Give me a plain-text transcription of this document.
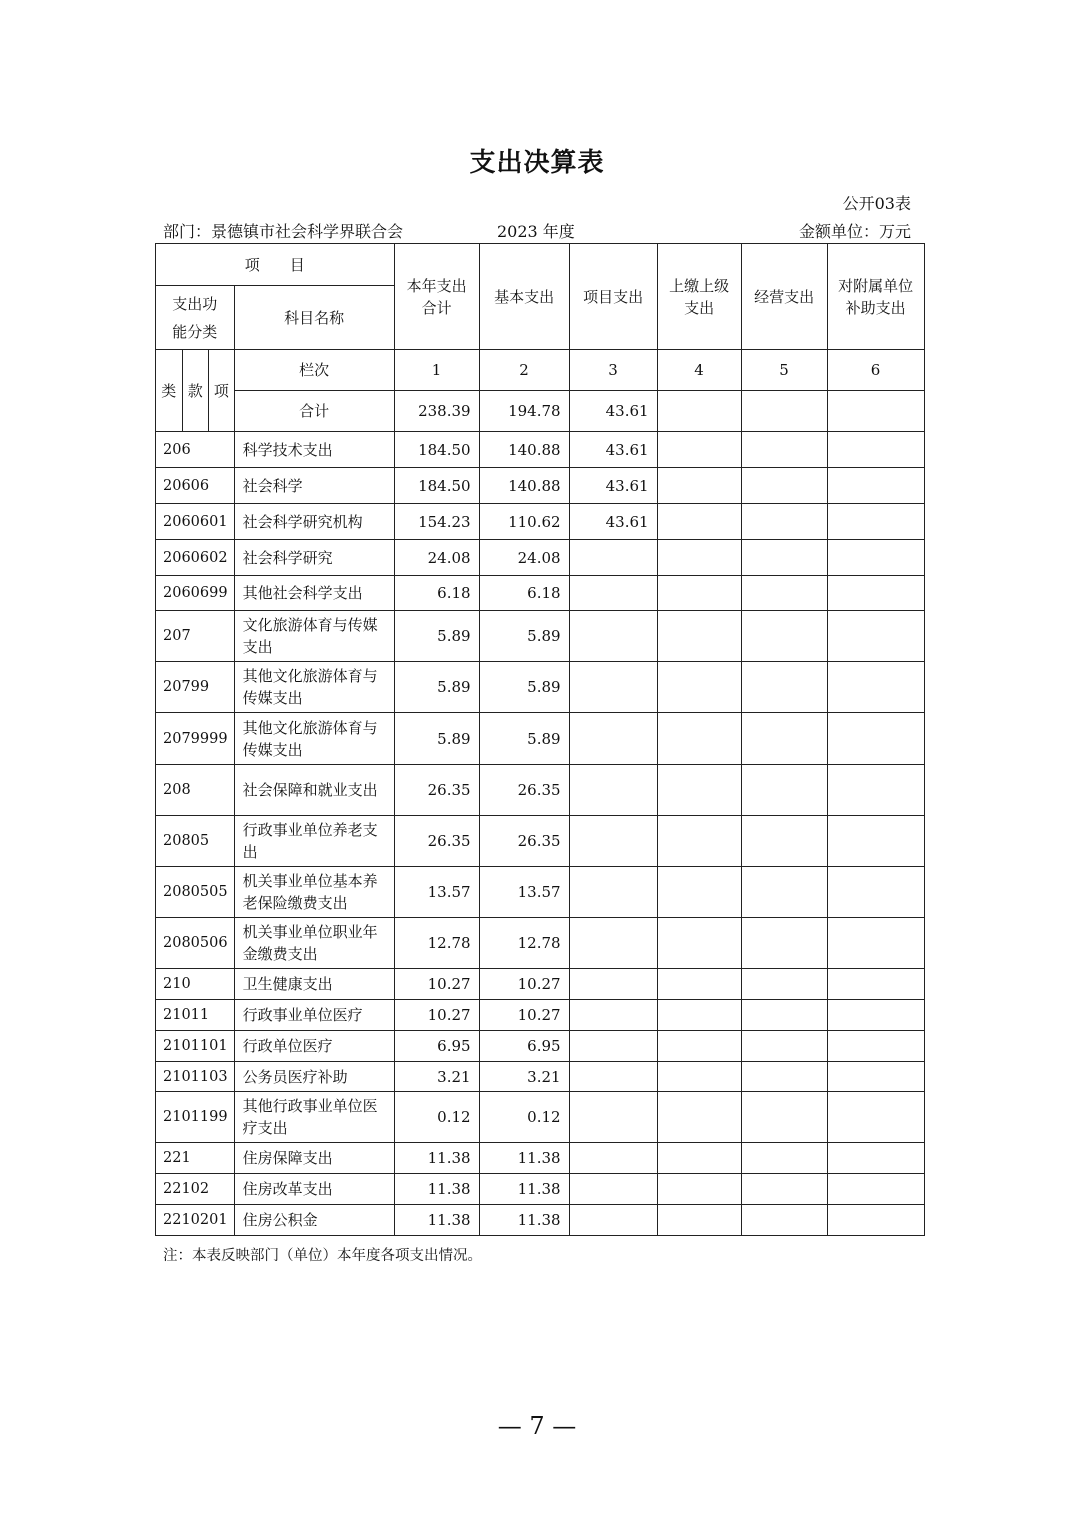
支出决算表
公开03表
部门：景德镇市社会科学界联合会	2023 年度	金额单位：万元
项　　目				本年支出合计	基本支出	项目支出	上缴上级支出	经营支出	对附属单位补助支出
支出功能分类			科目名称						
类	款	项	栏次	1	2	3	4	5	6
			合计	238.39	194.78	43.61			
206			科学技术支出	184.50	140.88	43.61			
20606			社会科学	184.50	140.88	43.61			
2060601			社会科学研究机构	154.23	110.62	43.61			
2060602			社会科学研究	24.08	24.08				
2060699			其他社会科学支出	6.18	6.18				
207			文化旅游体育与传媒支出	5.89	5.89				
20799			其他文化旅游体育与传媒支出	5.89	5.89				
2079999			其他文化旅游体育与传媒支出	5.89	5.89				
208			社会保障和就业支出	26.35	26.35				
20805			行政事业单位养老支出	26.35	26.35				
2080505			机关事业单位基本养老保险缴费支出	13.57	13.57				
2080506			机关事业单位职业年金缴费支出	12.78	12.78				
210			卫生健康支出	10.27	10.27				
21011			行政事业单位医疗	10.27	10.27				
2101101			行政单位医疗	6.95	6.95				
2101103			公务员医疗补助	3.21	3.21				
2101199			其他行政事业单位医疗支出	0.12	0.12				
221			住房保障支出	11.38	11.38				
22102			住房改革支出	11.38	11.38				
2210201			住房公积金	11.38	11.38				
注：本表反映部门（单位）本年度各项支出情况。
— 7 —
